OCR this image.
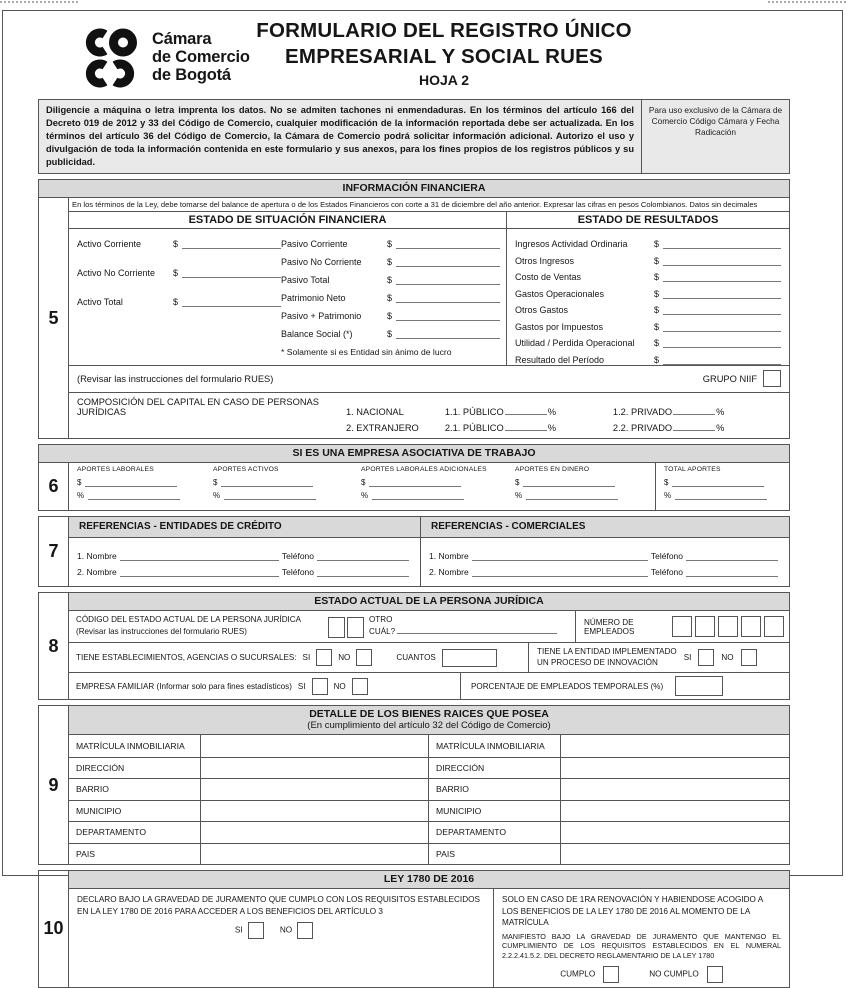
Cámara
de Comercio
de Bogotá
FORMULARIO DEL REGISTRO ÚNICO
EMPRESARIAL Y SOCIAL RUES
HOJA 2
Diligencie a máquina o letra imprenta los datos. No se admiten tachones ni enmendaduras. En los términos del artículo 166 del Decreto 019 de 2012 y 33 del Código de Comercio, cualquier modificación de la información reportada debe ser actualizada. En los términos del artículo 36 del Código de Comercio, la Cámara de Comercio podrá solicitar información adicional. Autorizo el uso y divulgación de toda la información contenida en este formulario y sus anexos, para los fines propios de los registros públicos y su publicidad.
Para uso exclusivo de la Cámara de Comercio Código Cámara y Fecha Radicación
INFORMACIÓN FINANCIERA
5
En los términos de la Ley, debe tomarse del balance de apertura o de los Estados Financieros con corte a 31 de diciembre del año anterior. Expresar las cifras en pesos Colombianos. Datos sin decimales
ESTADO DE SITUACIÓN FINANCIERA	ESTADO DE RESULTADOS
Activo Corriente	$
Activo No Corriente	$
Activo Total	$
Pasivo Corriente	$
Pasivo No Corriente	$
Pasivo Total	$
Patrimonio Neto	$
Pasivo + Patrimonio	$
Balance Social (*)	$
* Solamente si es Entidad sin ánimo de lucro
Ingresos Actividad Ordinaria	$
Otros Ingresos	$
Costo de Ventas	$
Gastos Operacionales	$
Otros Gastos	$
Gastos por Impuestos	$
Utilidad / Perdida Operacional	$
Resultado del Período	$
(Revisar las instrucciones del formulario RUES)	GRUPO NIIF
COMPOSICIÓN DEL CAPITAL EN CASO DE PERSONAS JURÍDICAS	1. NACIONAL	1.1. PÚBLICO	%	1.2. PRIVADO	%
2. EXTRANJERO	2.1. PÚBLICO	%	2.2. PRIVADO	%
SI ES UNA EMPRESA ASOCIATIVA DE TRABAJO
6
APORTES LABORALES
$
%
APORTES ACTIVOS
$
%
APORTES LABORALES ADICIONALES
$
%
APORTES EN DINERO
$
%
TOTAL APORTES
$
%
7
REFERENCIAS - ENTIDADES DE CRÉDITO	REFERENCIAS - COMERCIALES
1. Nombre	Teléfono
2. Nombre	Teléfono
1. Nombre	Teléfono
2. Nombre	Teléfono
8
ESTADO ACTUAL DE LA PERSONA JURÍDICA
CÓDIGO DEL ESTADO ACTUAL DE LA PERSONA JURÍDICA
(Revisar las instrucciones del formulario RUES)
OTRO
CUÁL?
NÚMERO DE EMPLEADOS
TIENE ESTABLECIMIENTOS, AGENCIAS O SUCURSALES: SI	NO	CUANTOS
TIENE LA ENTIDAD IMPLEMENTADO
UN PROCESO DE INNOVACIÓN	SI	NO
EMPRESA FAMILIAR (Informar solo para fines estadísticos) SI	NO	PORCENTAJE DE EMPLEADOS TEMPORALES (%)
9
DETALLE DE LOS BIENES RAICES QUE POSEA
(En cumplimiento del artículo 32 del Código de Comercio)
MATRÍCULA INMOBILIARIA	MATRÍCULA INMOBILIARIA
DIRECCIÓN	DIRECCIÓN
BARRIO	BARRIO
MUNICIPIO	MUNICIPIO
DEPARTAMENTO	DEPARTAMENTO
PAIS	PAIS
10
LEY 1780 DE 2016
DECLARO BAJO LA GRAVEDAD DE JURAMENTO QUE CUMPLO CON LOS REQUISITOS ESTABLECIDOS EN LA LEY 1780 DE 2016 PARA ACCEDER A LOS BENEFICIOS DEL ARTÍCULO 3
SI	NO
SOLO EN CASO DE 1RA RENOVACIÓN Y HABIENDOSE ACOGIDO A LOS BENEFICIOS DE LA LEY 1780 DE 2016 AL MOMENTO DE LA MATRÍCULA
MANIFIESTO BAJO LA GRAVEDAD DE JURAMENTO QUE MANTENGO EL CUMPLIMIENTO DE LOS REQUISITOS ESTABLECIDOS EN EL NUMERAL 2.2.2.41.5.2. DEL DECRETO REGLAMENTARIO DE LA LEY 1780
CUMPLO	NO CUMPLO
